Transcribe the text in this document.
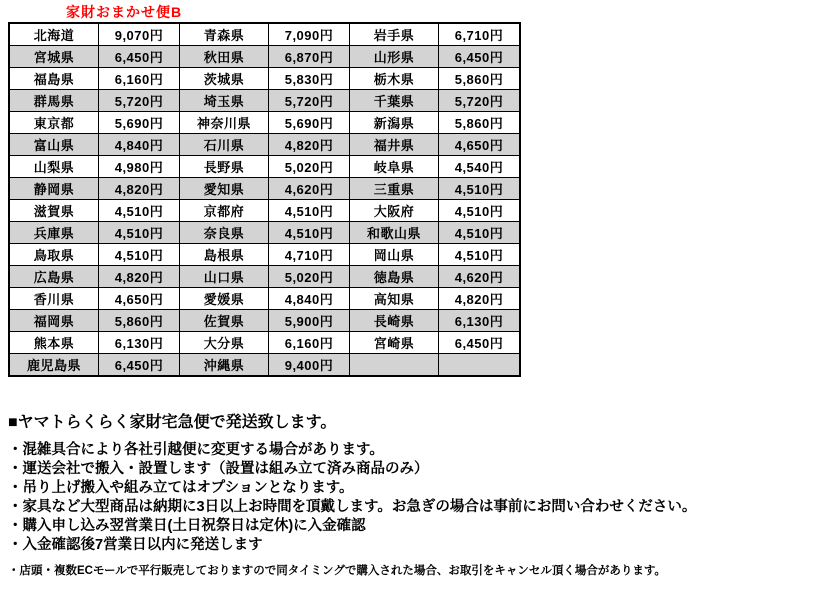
家財おまかせ便B
北海道	9,070円	青森県	7,090円	岩手県	6,710円
宮城県	6,450円	秋田県	6,870円	山形県	6,450円
福島県	6,160円	茨城県	5,830円	栃木県	5,860円
群馬県	5,720円	埼玉県	5,720円	千葉県	5,720円
東京都	5,690円	神奈川県	5,690円	新潟県	5,860円
富山県	4,840円	石川県	4,820円	福井県	4,650円
山梨県	4,980円	長野県	5,020円	岐阜県	4,540円
静岡県	4,820円	愛知県	4,620円	三重県	4,510円
滋賀県	4,510円	京都府	4,510円	大阪府	4,510円
兵庫県	4,510円	奈良県	4,510円	和歌山県	4,510円
鳥取県	4,510円	島根県	4,710円	岡山県	4,510円
広島県	4,820円	山口県	5,020円	徳島県	4,620円
香川県	4,650円	愛媛県	4,840円	高知県	4,820円
福岡県	5,860円	佐賀県	5,900円	長崎県	6,130円
熊本県	6,130円	大分県	6,160円	宮崎県	6,450円
鹿児島県	6,450円	沖縄県	9,400円		

■ヤマトらくらく家財宅急便で発送致します。

・混雑具合により各社引越便に変更する場合があります。

・運送会社で搬入・設置します（設置は組み立て済み商品のみ）

・吊り上げ搬入や組み立てはオプションとなります。

・家具など大型商品は納期に3日以上お時間を頂戴します。お急ぎの場合は事前にお問い合わせください。

・購入申し込み翌営業日(土日祝祭日は定休)に入金確認

・入金確認後7営業日以内に発送します

・店頭・複数ECモールで平行販売しておりますので同タイミングで購入された場合、お取引をキャンセル頂く場合があります。
